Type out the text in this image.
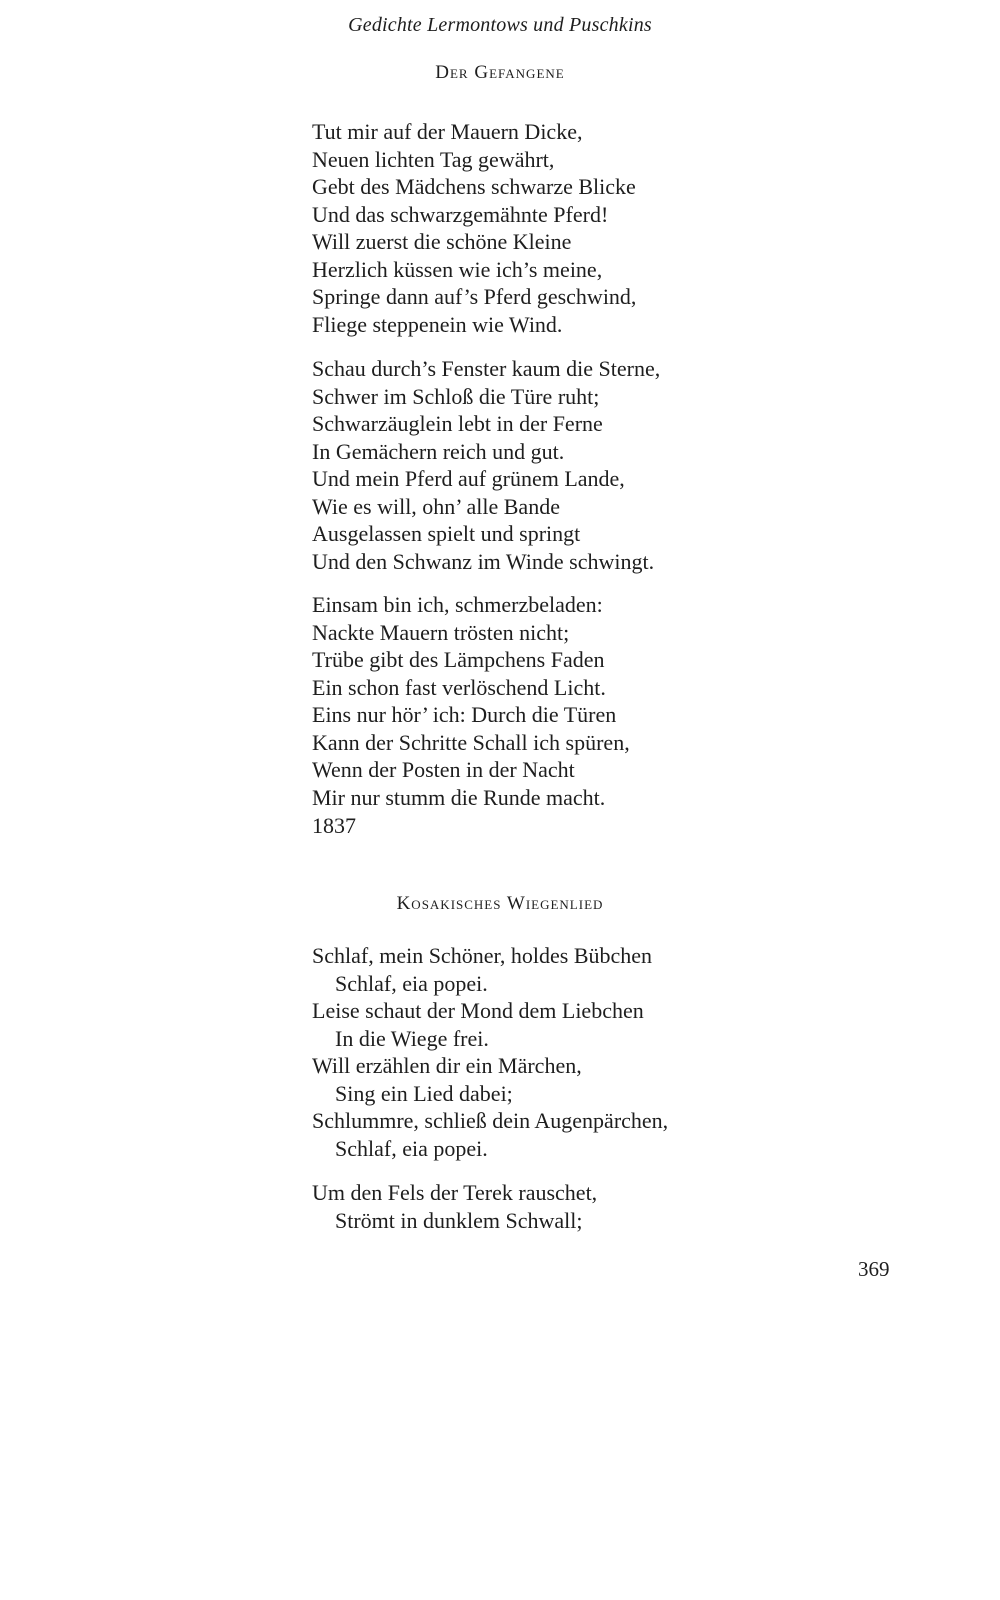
Gedichte Lermontows und Puschkins
Der Gefangene
Tut mir auf der Mauern Dicke,
Neuen lichten Tag gewährt,
Gebt des Mädchens schwarze Blicke
Und das schwarzgemähnte Pferd!
Will zuerst die schöne Kleine
Herzlich küssen wie ich’s meine,
Springe dann auf’s Pferd geschwind,
Fliege steppenein wie Wind.
Schau durch’s Fenster kaum die Sterne,
Schwer im Schloß die Türe ruht;
Schwarzäuglein lebt in der Ferne
In Gemächern reich und gut.
Und mein Pferd auf grünem Lande,
Wie es will, ohn’ alle Bande
Ausgelassen spielt und springt
Und den Schwanz im Winde schwingt.
Einsam bin ich, schmerzbeladen:
Nackte Mauern trösten nicht;
Trübe gibt des Lämpchens Faden
Ein schon fast verlöschend Licht.
Eins nur hör’ ich: Durch die Türen
Kann der Schritte Schall ich spüren,
Wenn der Posten in der Nacht
Mir nur stumm die Runde macht.
1837
Kosakisches Wiegenlied
Schlaf, mein Schöner, holdes Bübchen
Schlaf, eia popei.
Leise schaut der Mond dem Liebchen
In die Wiege frei.
Will erzählen dir ein Märchen,
Sing ein Lied dabei;
Schlummre, schließ dein Augenpärchen,
Schlaf, eia popei.
Um den Fels der Terek rauschet,
Strömt in dunklem Schwall;
369
